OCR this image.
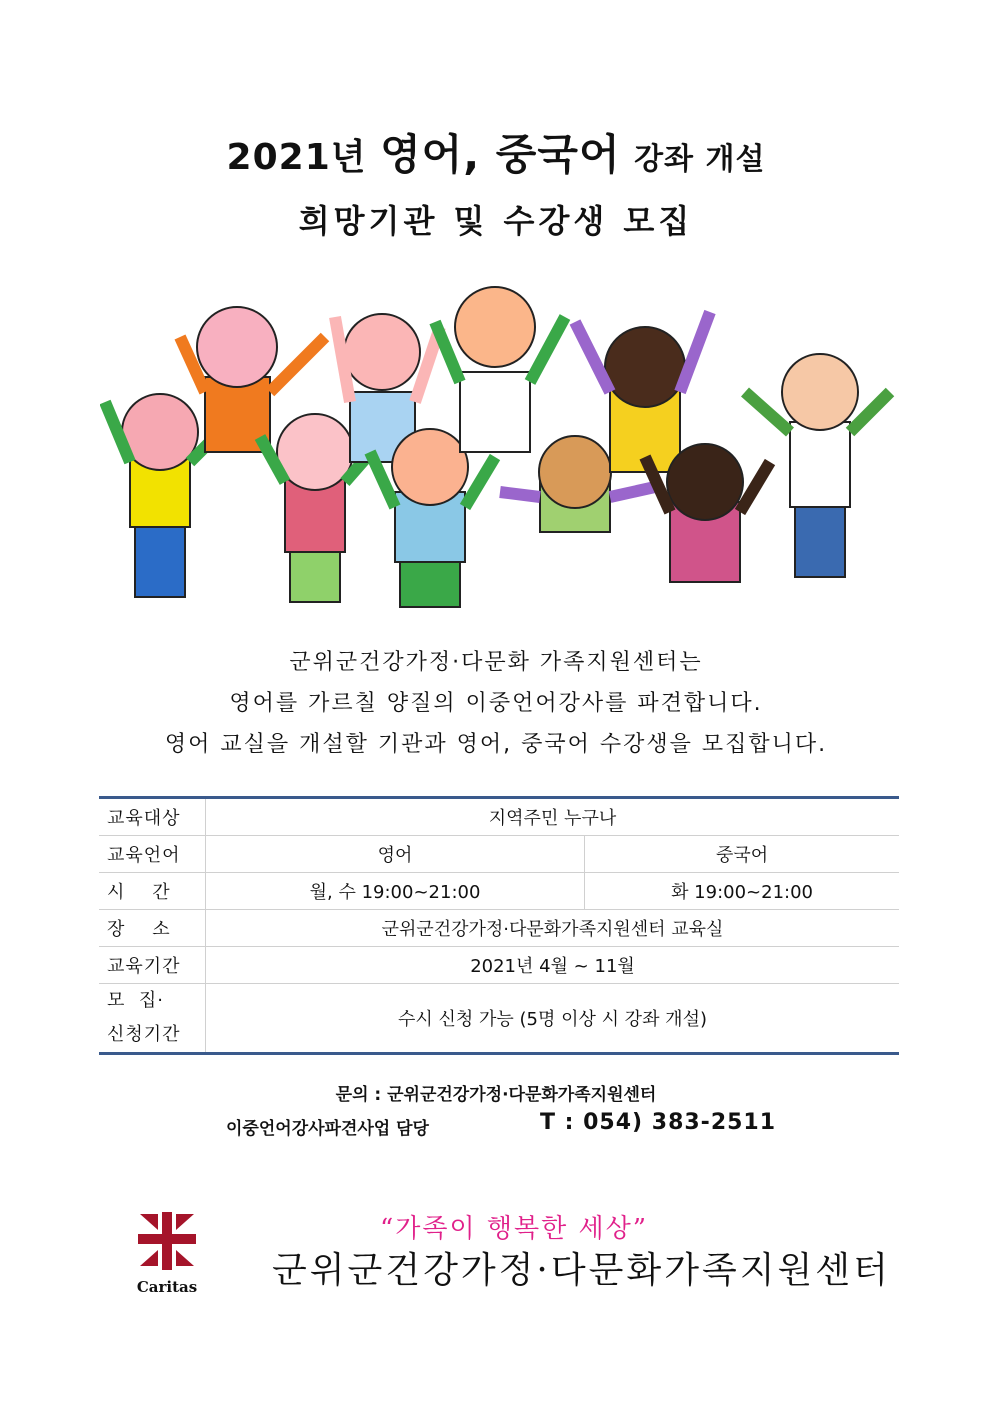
2021년 영어, 중국어 강좌 개설
희망기관 및 수강생 모집
군위군건강가정·다문화 가족지원센터는
영어를 가르칠 양질의 이중언어강사를 파견합니다.
영어 교실을 개설할 기관과 영어, 중국어 수강생을 모집합니다.
교육대상	지역주민 누구나	
교육언어	영어	중국어
시    간	월, 수 19:00~21:00	화 19:00~21:00
장    소	군위군건강가정·다문화가족지원센터 교육실	
교육기간	2021년 4월 ~ 11월	

모  집·
신청기간	수시 신청 가능 (5명 이상 시 강좌 개설)	
문의 : 군위군건강가정·다문화가족지원센터
이중언어강사파견사업 담당	T : 054) 383-2511
Caritas
“가족이 행복한 세상”
군위군건강가정·다문화가족지원센터
